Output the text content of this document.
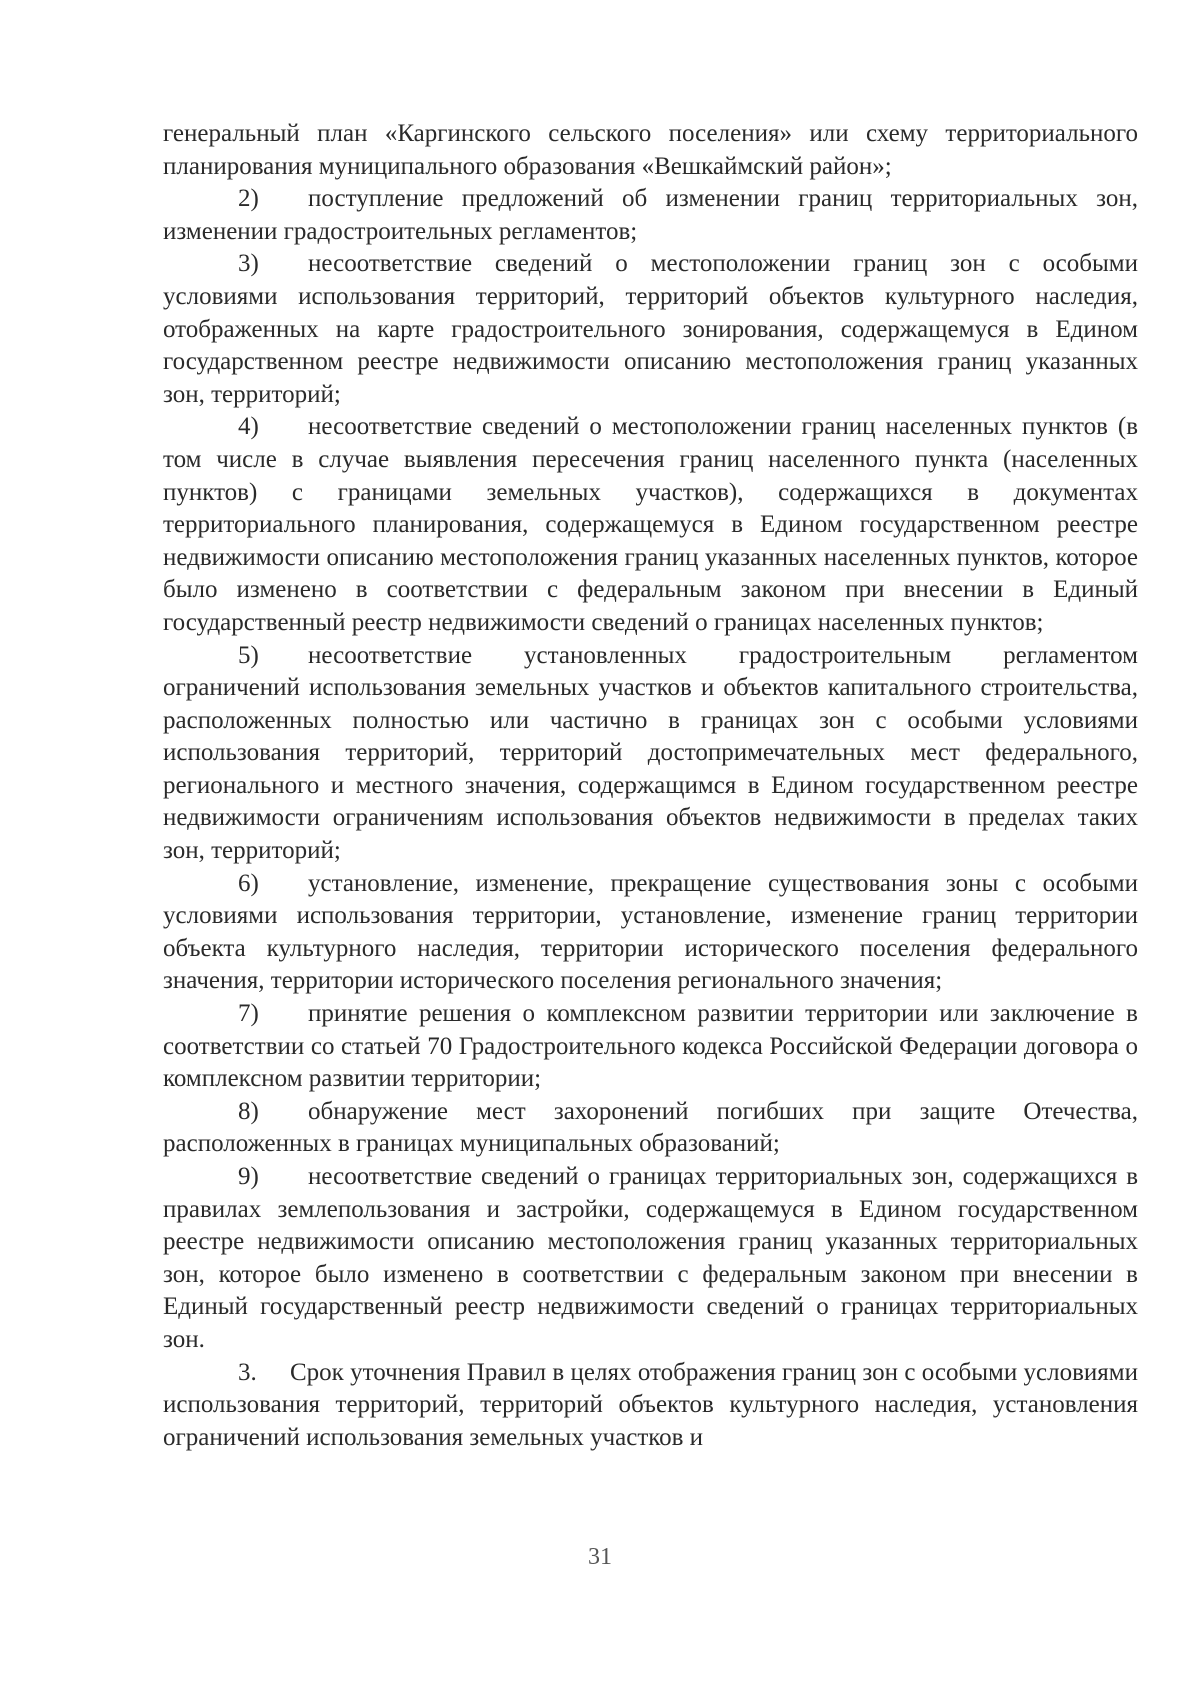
генеральный план «Каргинского сельского поселения» или схему территориального планирования муниципального образования «Вешкаймский район»;

2) поступление предложений об изменении границ территориальных зон, изменении градостроительных регламентов;

3) несоответствие сведений о местоположении границ зон с особыми условиями использования территорий, территорий объектов культурного наследия, отображенных на карте градостроительного зонирования, содержащемуся в Едином государственном реестре недвижимости описанию местоположения границ указанных зон, территорий;

4) несоответствие сведений о местоположении границ населенных пунктов (в том числе в случае выявления пересечения границ населенного пункта (населенных пунктов) с границами земельных участков), содержащихся в документах территориального планирования, содержащемуся в Едином государственном реестре недвижимости описанию местоположения границ указанных населенных пунктов, которое было изменено в соответствии с федеральным законом при внесении в Единый государственный реестр недвижимости сведений о границах населенных пунктов;

5) несоответствие установленных градостроительным регламентом ограничений использования земельных участков и объектов капитального строительства, расположенных полностью или частично в границах зон с особыми условиями использования территорий, территорий достопримечательных мест федерального, регионального и местного значения, содержащимся в Едином государственном реестре недвижимости ограничениям использования объектов недвижимости в пределах таких зон, территорий;

6) установление, изменение, прекращение существования зоны с особыми условиями использования территории, установление, изменение границ территории объекта культурного наследия, территории исторического поселения федерального значения, территории исторического поселения регионального значения;

7) принятие решения о комплексном развитии территории или заключение в соответствии со статьей 70 Градостроительного кодекса Российской Федерации договора о комплексном развитии территории;

8) обнаружение мест захоронений погибших при защите Отечества, расположенных в границах муниципальных образований;

9) несоответствие сведений о границах территориальных зон, содержащихся в правилах землепользования и застройки, содержащемуся в Едином государственном реестре недвижимости описанию местоположения границ указанных территориальных зон, которое было изменено в соответствии с федеральным законом при внесении в Единый государственный реестр недвижимости сведений о границах территориальных зон.

3. Срок уточнения Правил в целях отображения границ зон с особыми условиями использования территорий, территорий объектов культурного наследия, установления ограничений использования земельных участков и

31
